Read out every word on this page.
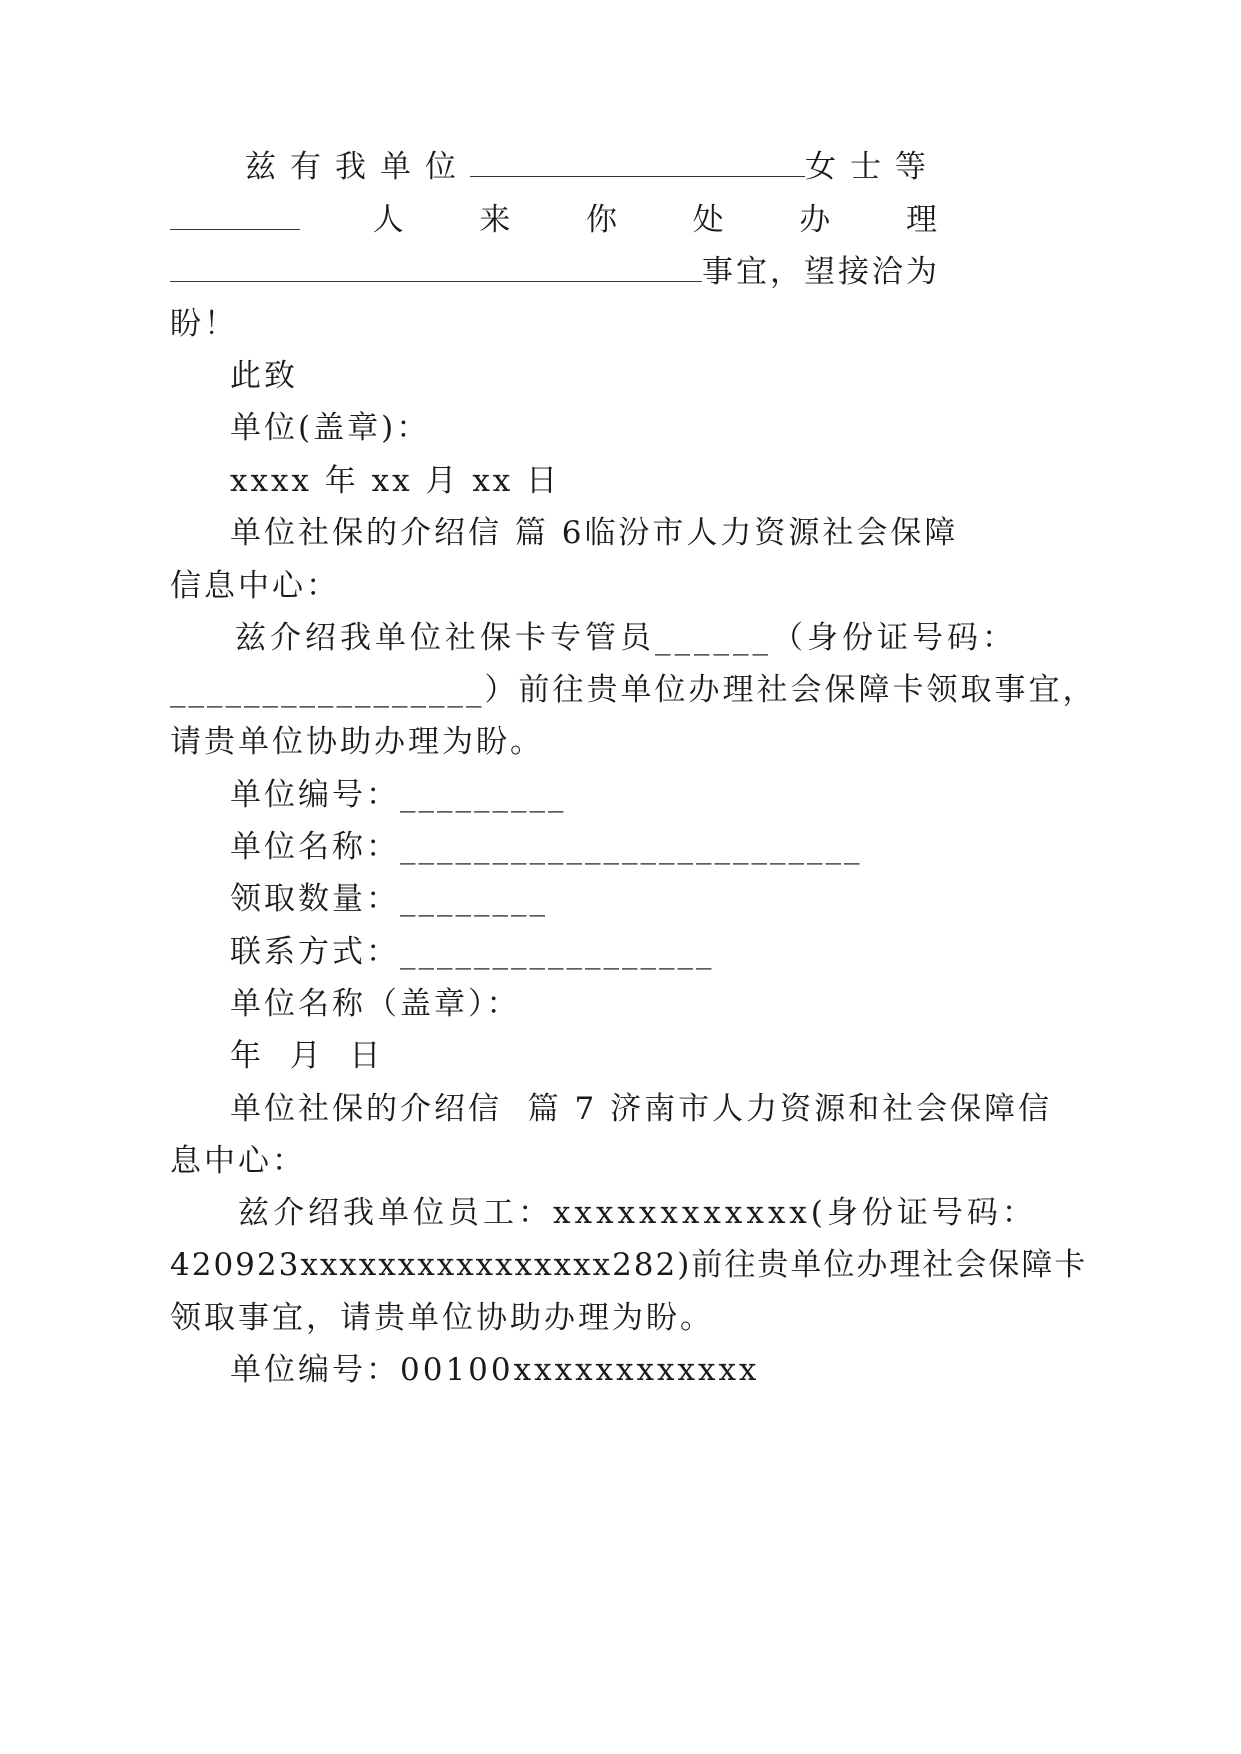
兹有我单位	女士等
人 来 你 处 办 理
事宜，望接洽为
盼！
此致
单位(盖章)：
xxxx 年 xx 月 xx 日
单位社保的介绍信 篇 6 临汾市人力资源社会保障
信息中心：
兹介绍我单位社保卡专管员______（身份证号码：
_________________）前往贵单位办理社会保障卡领取事宜，
请贵单位协助办理为盼。
单位编号：_________
单位名称：_________________________
领取数量：________
联系方式：_________________
单位名称（盖章）：
年  月  日
单位社保的介绍信  篇 7 济南市人力资源和社会保障信
息中心：
兹介绍我单位员工：xxxxxxxxxxxx(身份证号码：
420923xxxxxxxxxxxxxxxx282)前往贵单位办理社会保障卡
领取事宜，请贵单位协助办理为盼。
单位编号：00100xxxxxxxxxxxx
